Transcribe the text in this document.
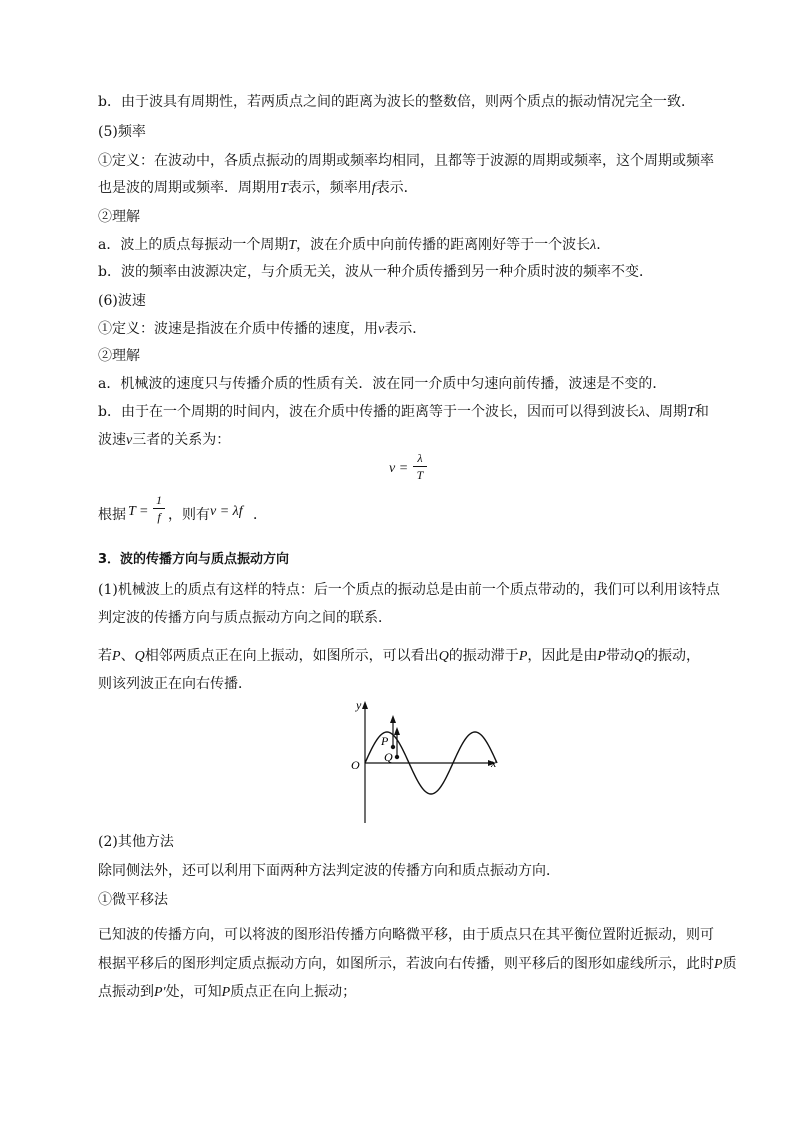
b．由于波具有周期性，若两质点之间的距离为波长的整数倍，则两个质点的振动情况完全一致．
(5)频率
①定义：在波动中，各质点振动的周期或频率均相同，且都等于波源的周期或频率，这个周期或频率
也是波的周期或频率．周期用T表示，频率用f表示．
②理解
a．波上的质点每振动一个周期T，波在介质中向前传播的距离刚好等于一个波长λ.
b．波的频率由波源决定，与介质无关，波从一种介质传播到另一种介质时波的频率不变．
(6)波速
①定义：波速是指波在介质中传播的速度，用v表示．
②理解
a．机械波的速度只与传播介质的性质有关．波在同一介质中匀速向前传播，波速是不变的．
b．由于在一个周期的时间内，波在介质中传播的距离等于一个波长，因而可以得到波长λ、周期T和
波速v三者的关系为：
v =
λ
T
根据 T =
1
f ，则有 v = λf ．
3．波的传播方向与质点振动方向
(1)机械波上的质点有这样的特点：后一个质点的振动总是由前一个质点带动的，我们可以利用该特点
判定波的传播方向与质点振动方向之间的联系．
若P、Q相邻两质点正在向上振动，如图所示，可以看出Q的振动滞于P，因此是由P带动Q的振动，
则该列波正在向右传播．
y
x
O
P
Q
(2)其他方法
除同侧法外，还可以利用下面两种方法判定波的传播方向和质点振动方向．
①微平移法
已知波的传播方向，可以将波的图形沿传播方向略微平移，由于质点只在其平衡位置附近振动，则可
根据平移后的图形判定质点振动方向，如图所示，若波向右传播，则平移后的图形如虚线所示，此时P质
点振动到P′处，可知P质点正在向上振动；
